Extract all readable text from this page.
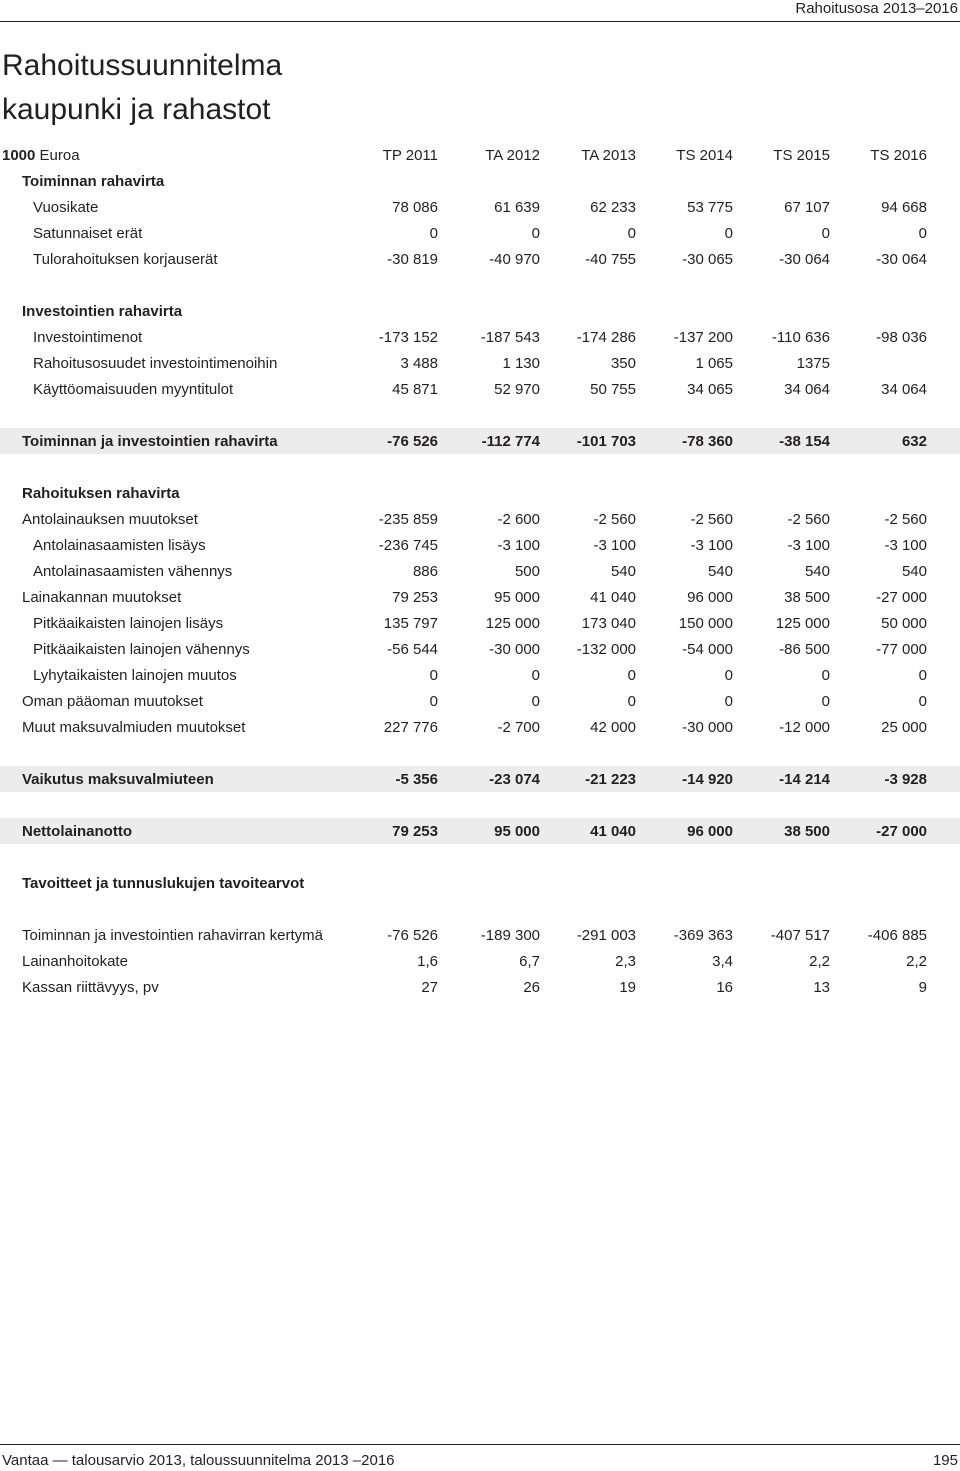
Rahoitusosa 2013–2016
Rahoitussuunnitelma
kaupunki ja rahastot
1000 Euroa	TP 2011	TA 2012	TA 2013	TS 2014	TS 2015	TS 2016
Toiminnan rahavirta
Vuosikate	78 086	61 639	62 233	53 775	67 107	94 668
Satunnaiset erät	0	0	0	0	0	0
Tulorahoituksen korjauserät	-30 819	-40 970	-40 755	-30 065	-30 064	-30 064
Investointien rahavirta
Investointimenot	-173 152	-187 543	-174 286	-137 200	-110 636	-98 036
Rahoitusosuudet investointimenoihin	3 488	1 130	350	1 065	1375
Käyttöomaisuuden myyntitulot	45 871	52 970	50 755	34 065	34 064	34 064
Toiminnan ja investointien rahavirta	-76 526	-112 774	-101 703	-78 360	-38 154	632
Rahoituksen rahavirta
Antolainauksen muutokset	-235 859	-2 600	-2 560	-2 560	-2 560	-2 560
Antolainasaamisten lisäys	-236 745	-3 100	-3 100	-3 100	-3 100	-3 100
Antolainasaamisten vähennys	886	500	540	540	540	540
Lainakannan muutokset	79 253	95 000	41 040	96 000	38 500	-27 000
Pitkäaikaisten lainojen lisäys	135 797	125 000	173 040	150 000	125 000	50 000
Pitkäaikaisten lainojen vähennys	-56 544	-30 000	-132 000	-54 000	-86 500	-77 000
Lyhytaikaisten lainojen muutos	0	0	0	0	0	0
Oman pääoman muutokset	0	0	0	0	0	0
Muut maksuvalmiuden muutokset	227 776	-2 700	42 000	-30 000	-12 000	25 000
Vaikutus maksuvalmiuteen	-5 356	-23 074	-21 223	-14 920	-14 214	-3 928
Nettolainanotto	79 253	95 000	41 040	96 000	38 500	-27 000
Tavoitteet ja tunnuslukujen tavoitearvot
Toiminnan ja investointien rahavirran kertymä	-76 526	-189 300	-291 003	-369 363	-407 517	-406 885
Lainanhoitokate	1,6	6,7	2,3	3,4	2,2	2,2
Kassan riittävyys, pv	27	26	19	16	13	9
Vantaa — talousarvio 2013, taloussuunnitelma 2013 –2016	195
